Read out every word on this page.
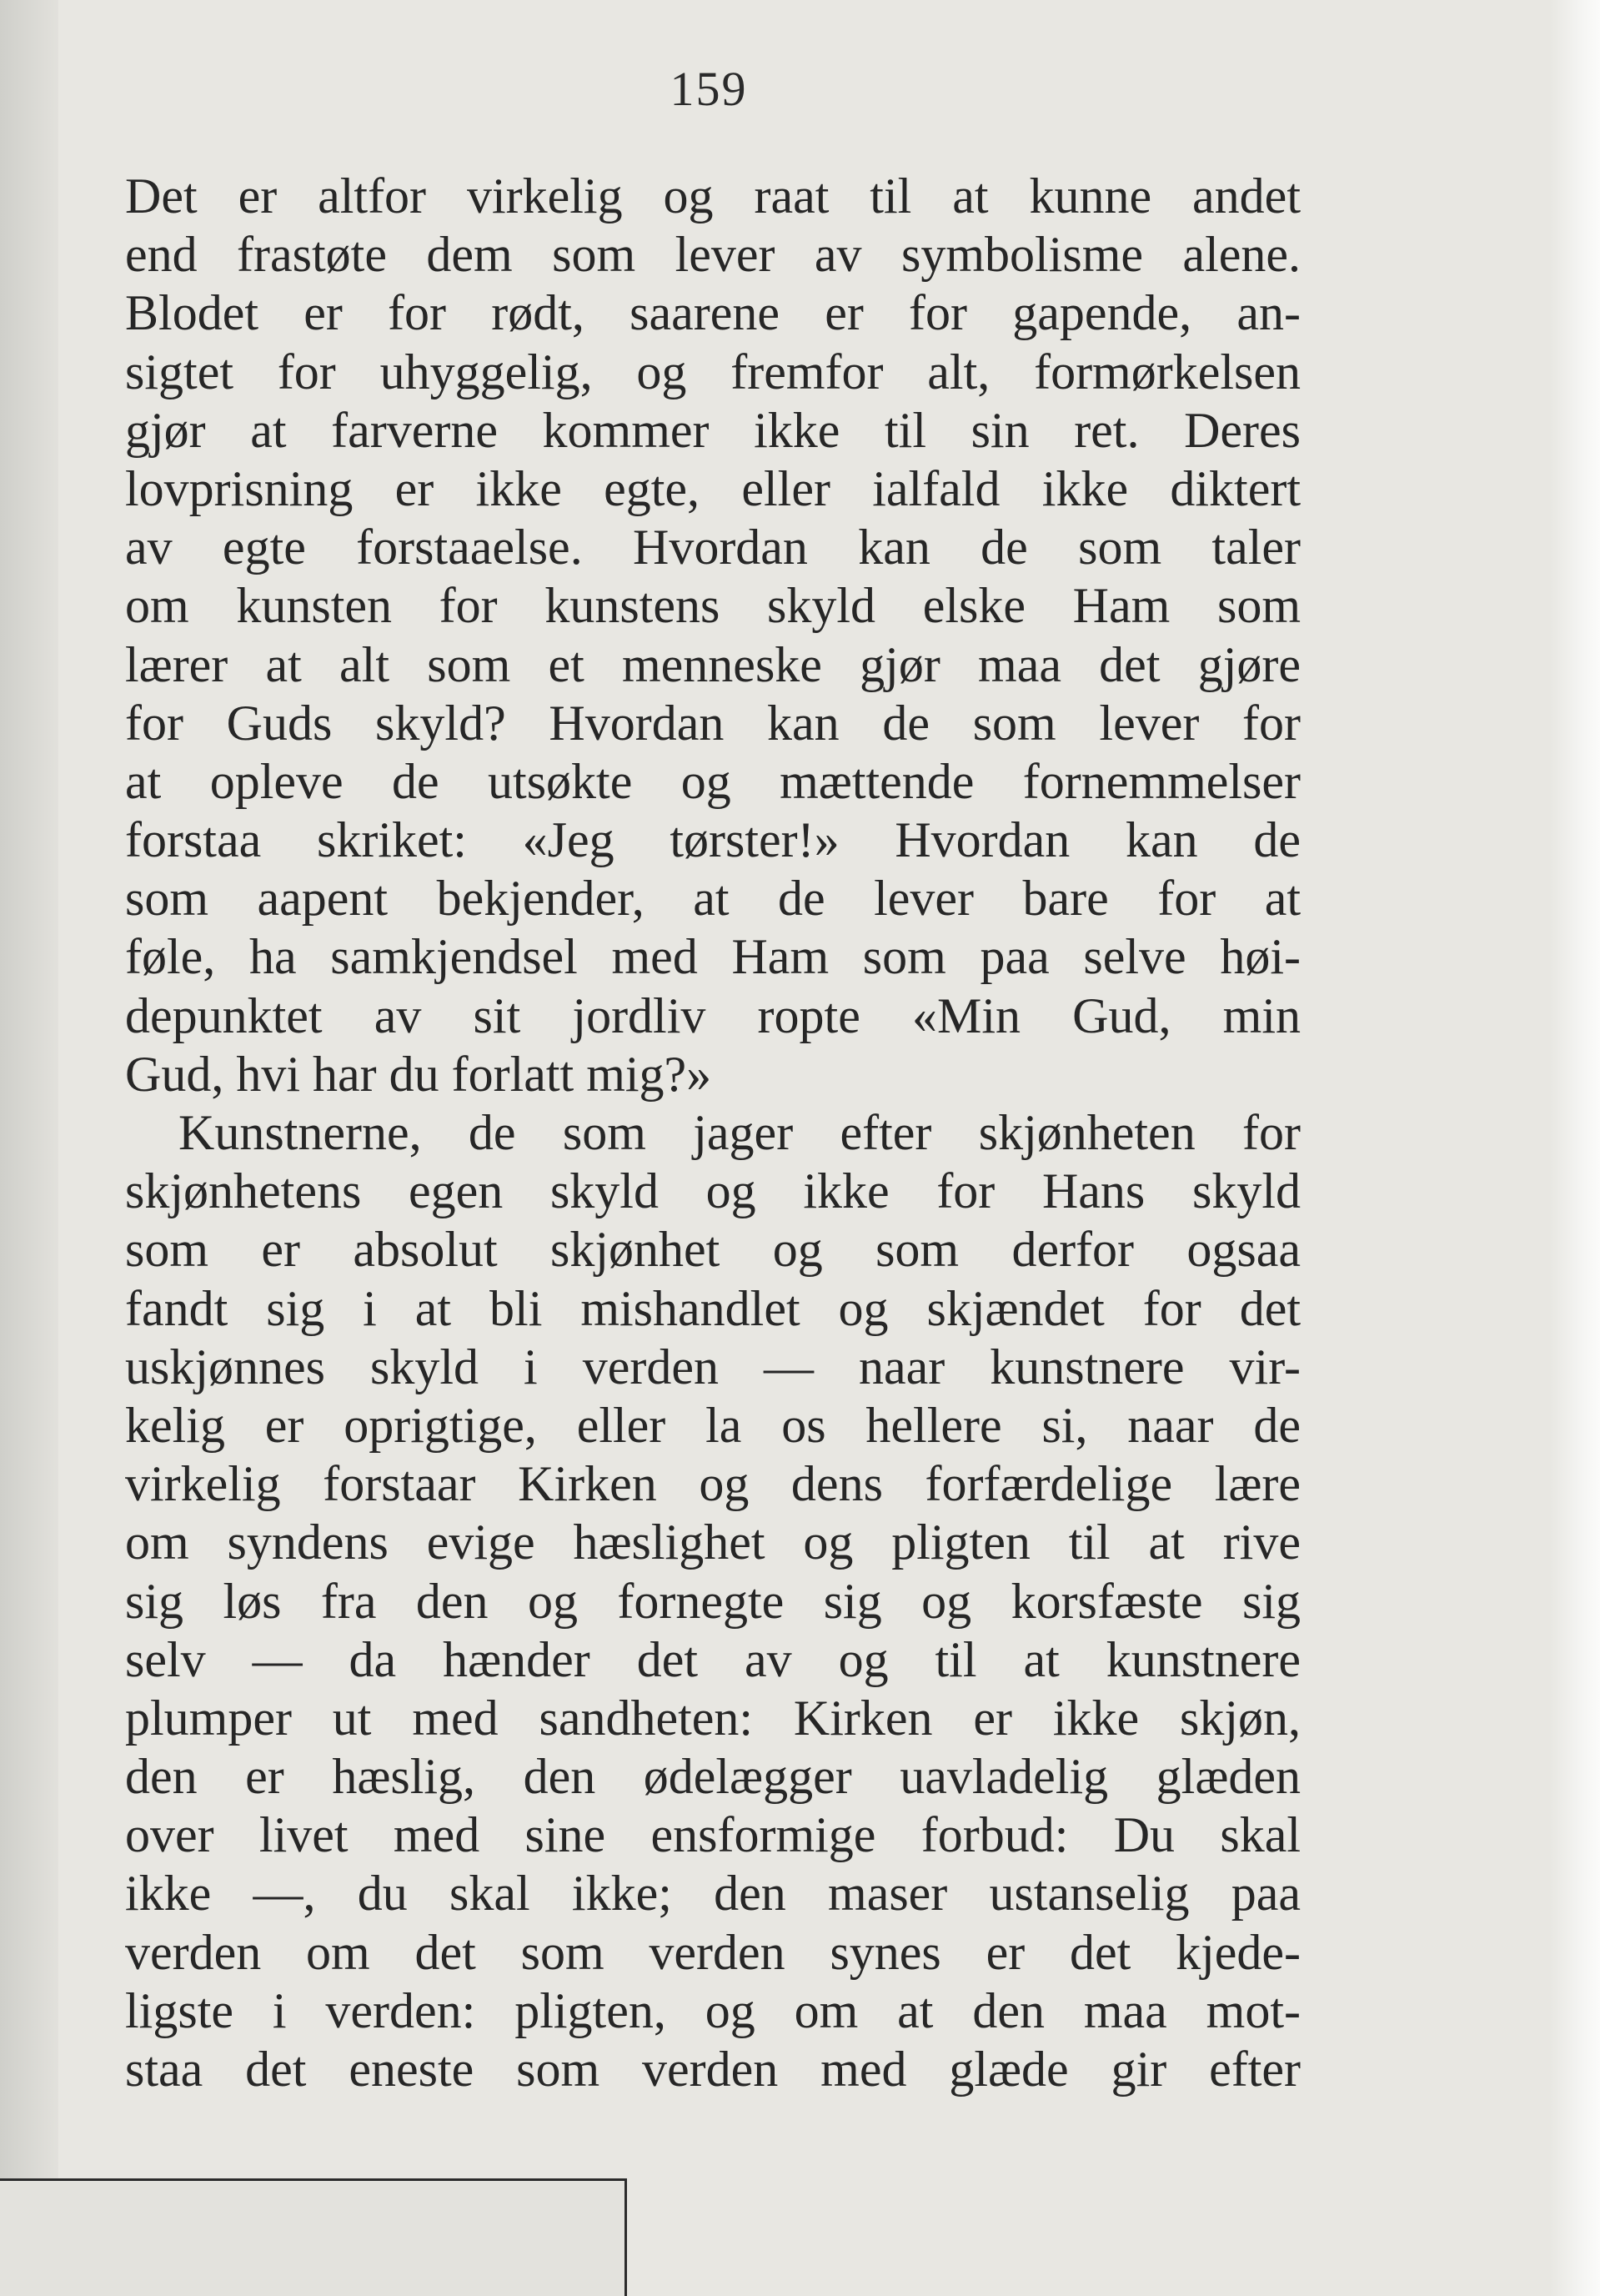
159
Det er altfor virkelig og raat til at kunne andet
end frastøte dem som lever av symbolisme alene.
Blodet er for rødt, saarene er for gapende, an-
sigtet for uhyggelig, og fremfor alt, formørkelsen
gjør at farverne kommer ikke til sin ret. Deres
lovprisning er ikke egte, eller ialfald ikke diktert
av egte forstaaelse. Hvordan kan de som taler
om kunsten for kunstens skyld elske Ham som
lærer at alt som et menneske gjør maa det gjøre
for Guds skyld? Hvordan kan de som lever for
at opleve de utsøkte og mættende fornemmelser
forstaa skriket: «Jeg tørster!» Hvordan kan de
som aapent bekjender, at de lever bare for at
føle, ha samkjendsel med Ham som paa selve høi-
depunktet av sit jordliv ropte «Min Gud, min
Gud, hvi har du forlatt mig?»
Kunstnerne, de som jager efter skjønheten for
skjønhetens egen skyld og ikke for Hans skyld
som er absolut skjønhet og som derfor ogsaa
fandt sig i at bli mishandlet og skjændet for det
uskjønnes skyld i verden — naar kunstnere vir-
kelig er oprigtige, eller la os hellere si, naar de
virkelig forstaar Kirken og dens forfærdelige lære
om syndens evige hæslighet og pligten til at rive
sig løs fra den og fornegte sig og korsfæste sig
selv — da hænder det av og til at kunstnere
plumper ut med sandheten: Kirken er ikke skjøn,
den er hæslig, den ødelægger uavladelig glæden
over livet med sine ensformige forbud: Du skal
ikke —, du skal ikke; den maser ustanselig paa
verden om det som verden synes er det kjede-
ligste i verden: pligten, og om at den maa mot-
staa det eneste som verden med glæde gir efter
